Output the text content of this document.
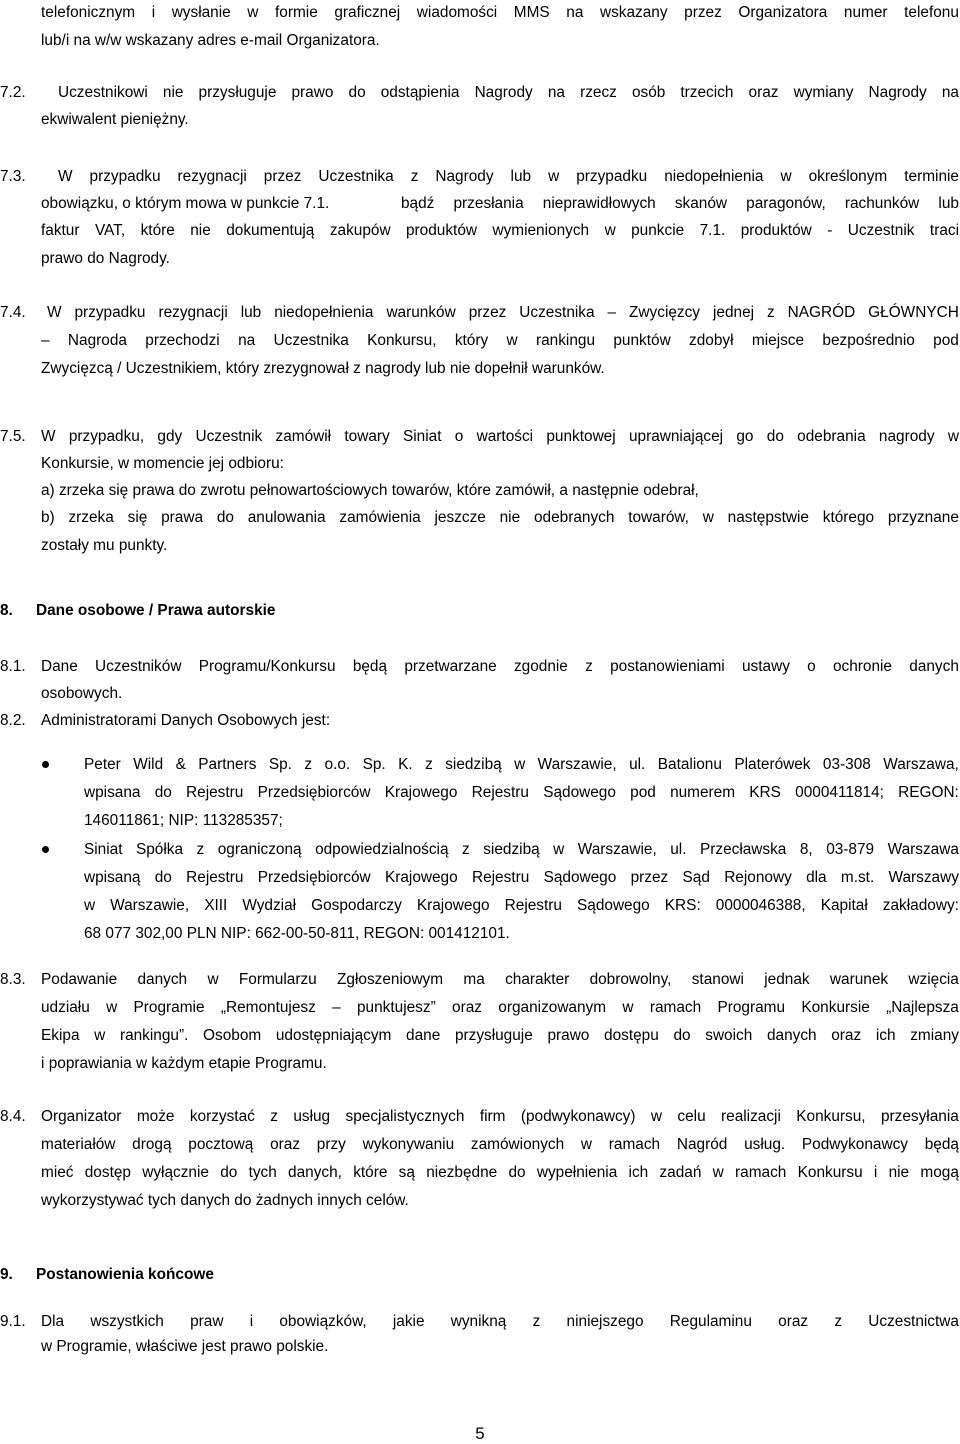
telefonicznym i wysłanie w formie graficznej wiadomości MMS na wskazany przez Organizatora numer telefonu
lub/i na w/w wskazany adres e-mail Organizatora.
7.2.	Uczestnikowi nie przysługuje prawo do odstąpienia Nagrody na rzecz osób trzecich oraz wymiany Nagrody na
ekwiwalent pieniężny.
7.3.	W przypadku rezygnacji przez Uczestnika z Nagrody lub w przypadku niedopełnienia w określonym terminie
obowiązku, o którym mowa w punkcie 7.1.	bądź przesłania nieprawidłowych skanów paragonów, rachunków lub
faktur VAT, które nie dokumentują zakupów produktów wymienionych w punkcie 7.1. produktów - Uczestnik traci
prawo do Nagrody.
7.4.	W przypadku rezygnacji lub niedopełnienia warunków przez Uczestnika – Zwycięzcy jednej z NAGRÓD GŁÓWNYCH
– Nagroda przechodzi na Uczestnika Konkursu, który w rankingu punktów zdobył miejsce bezpośrednio pod
Zwycięzcą / Uczestnikiem, który zrezygnował z nagrody lub nie dopełnił warunków.
7.5. W przypadku, gdy Uczestnik zamówił towary Siniat o wartości punktowej uprawniającej go do odebrania nagrody w
Konkursie, w momencie jej odbioru:
a) zrzeka się prawa do zwrotu pełnowartościowych towarów, które zamówił, a następnie odebrał,
b) zrzeka się prawa do anulowania zamówienia jeszcze nie odebranych towarów, w następstwie którego przyznane
zostały mu punkty.
8.	Dane osobowe / Prawa autorskie
8.1. Dane Uczestników Programu/Konkursu będą przetwarzane zgodnie z postanowieniami ustawy o ochronie danych
osobowych.
8.2. Administratorami Danych Osobowych jest:
Peter Wild & Partners Sp. z o.o. Sp. K. z siedzibą w Warszawie, ul. Batalionu Platerówek 03-308 Warszawa,
wpisana do Rejestru Przedsiębiorców Krajowego Rejestru Sądowego pod numerem KRS 0000411814; REGON:
146011861; NIP: 113285357;
Siniat Spółka z ograniczoną odpowiedzialnością z siedzibą w Warszawie, ul. Przecławska 8, 03-879 Warszawa
wpisaną do Rejestru Przedsiębiorców Krajowego Rejestru Sądowego przez Sąd Rejonowy dla m.st. Warszawy
w Warszawie, XIII Wydział Gospodarczy Krajowego Rejestru Sądowego KRS: 0000046388, Kapitał zakładowy:
68 077 302,00 PLN NIP: 662-00-50-811, REGON: 001412101.
8.3. Podawanie danych w Formularzu Zgłoszeniowym ma charakter dobrowolny, stanowi jednak warunek wzięcia
udziału w Programie „Remontujesz – punktujesz” oraz organizowanym w ramach Programu Konkursie „Najlepsza
Ekipa w rankingu”. Osobom udostępniającym dane przysługuje prawo dostępu do swoich danych oraz ich zmiany
i poprawiania w każdym etapie Programu.
8.4. Organizator może korzystać z usług specjalistycznych firm (podwykonawcy) w celu realizacji Konkursu, przesyłania
materiałów drogą pocztową oraz przy wykonywaniu zamówionych w ramach Nagród usług. Podwykonawcy będą
mieć dostęp wyłącznie do tych danych, które są niezbędne do wypełnienia ich zadań w ramach Konkursu i nie mogą
wykorzystywać tych danych do żadnych innych celów.
9.	Postanowienia końcowe
9.1. Dla wszystkich praw i obowiązków, jakie wynikną z niniejszego Regulaminu oraz z Uczestnictwa
w Programie, właściwe jest prawo polskie.
5
